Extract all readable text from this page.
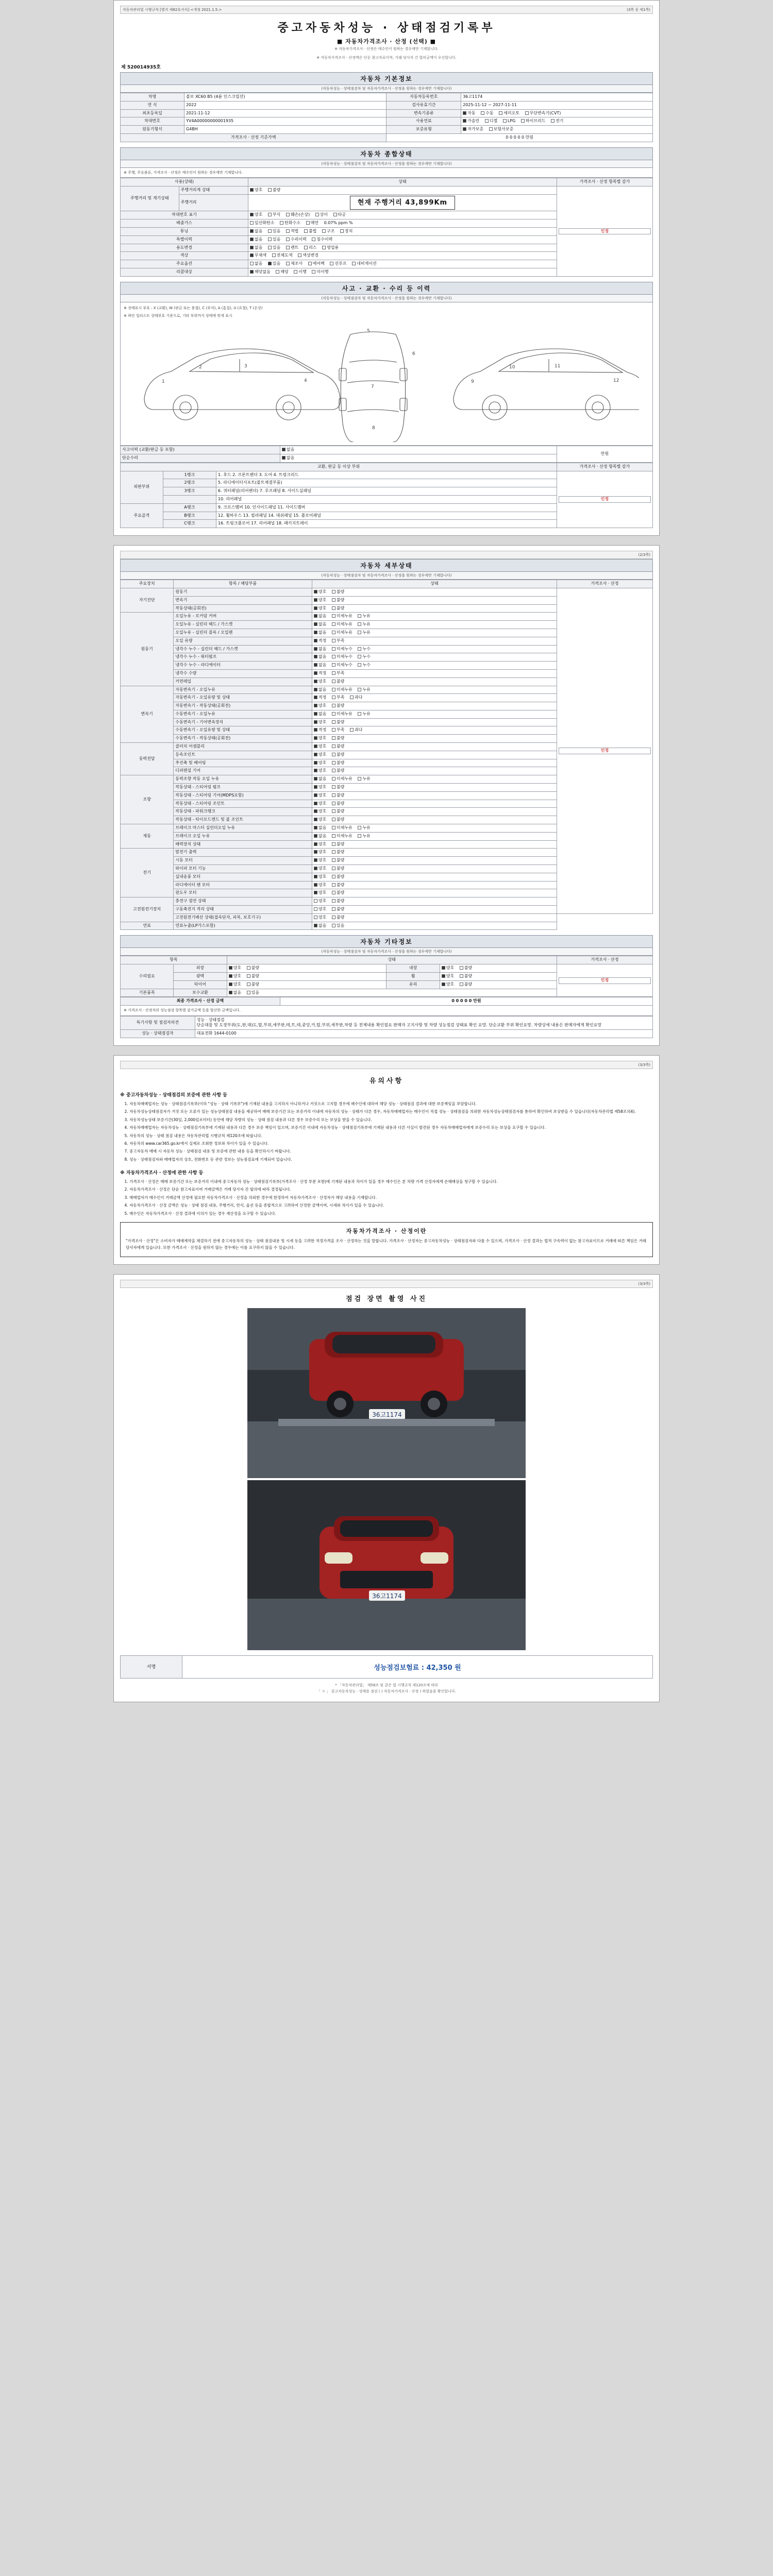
자동차관리법 시행규칙 [별지 제82호서식] <개정 2021.1.5.>	(3쪽 중 제1쪽)
중고자동차성능 · 상태점검기록부
■ 자동차가격조사 · 산정 (선택) ■
※ 자동차가격조사 · 산정은 매수인이 원하는 경우에만 기재합니다.
※ 자동차가격조사 · 산정액은 단순 참고자료이며, 거래 당사자 간 합의금액이 우선합니다.
제 520014935호
자동차 기본정보
(자동차성능 · 상태점검자 및 자동차가격조사 · 산정을 원하는 경우에만 기재합니다)
차명	볼보 XC60 B5 (4륜 인스크립션)	자동차등록번호	36고1174
연 식	2022	검사유효기간	2025-11-12 ~ 2027-11-11
최초등록일	2021-11-12	변속기종류	자동 수동 세미오토 무단변속기(CVT)
차대번호	YV4A00000000001935	사용연료	가솔린 디젤 LPG 하이브리드 전기
원동기형식	G4BH	보증유형	자가보증 보험사보증
가격조사 · 산정 기준가액		0 0 0 0 0 만원	
자동차 종합상태
(자동차성능 · 상태점검자 및 자동차가격조사 · 산정을 원하는 경우에만 기재합니다)
※ 주행, 주유출류, 가격조사 · 산정은 매수인이 원하는 경우에만 기재합니다.
사용(상태)		상태	가격조사 · 산정 항목별 감가
주행거리 및 계기상태	주행거리계 상태	양호 불량	인정

	주행거리	현재 주행거리 43,899Km	
차대번호 표기		양호 부식 훼손(손상) 상이 타공	
배출가스		일산화탄소 탄화수소 매연 0.07% ppm %	
튜닝		없음 있음 적법 불법 구조 장치	
특별이력		없음 있음 수리이력 침수이력	
용도변경		없음 있음 렌트 리스 영업용	
색상		무채색 전체도색 색상변경	
주요옵션		없음 있음 제조사 에어백 선루프 네비게이션	
리콜대상		해당없음 해당 이행 미이행	
사고 · 교환 · 수리 등 이력
(자동차성능 · 상태점검자 및 자동차가격조사 · 산정을 원하는 경우에만 기재합니다)
※ 상태표시 부호 : X (교환), W (판금 또는 용접), C (부식), A (흠집), U (요철), T (손상)
※ 하단 일러스트 상태부호 기준으로, 기타 부위까지 상태에 맞게 표시
1
2	3
4
5
6
7
8
9
10	11
12
사고이력 (교환/판금 등 포함)	없음	만원
단순수리	없음	
교환, 판금 등 이상 부위			가격조사 · 산정 항목별 감가
외판부위	1랭크	1. 후드 2. 프론트펜더 3. 도어 4. 트렁크리드	인정

	2랭크	5. 라디에이터서포트(볼트체결부품)	
	3랭크	6. 쿼터패널(리어펜더) 7. 루프패널 8. 사이드실패널	
		10. 리어패널	
주요골격	A랭크	9. 크로스멤버 10. 인사이드패널 11. 사이드멤버	
	B랭크	12. 휠하우스 13. 필라패널 14. 대쉬패널 15. 플로어패널	
	C랭크	16. 트렁크플로어 17. 리어패널 18. 패키지트레이	

(2/3쪽)
자동차 세부상태
(자동차성능 · 상태점검자 및 자동차가격조사 · 산정을 원하는 경우에만 기재합니다)
주요장치	항목 / 해당부품	상태	가격조사 · 산정
자기진단	원동기	양호 불량	인정

	변속기	양호 불량	
	작동상태(공회전)	양호 불량	
원동기	오일누유 - 로커암 커버	없음 미세누유 누유	
	오일누유 - 실린더 헤드 / 가스켓	없음 미세누유 누유	
	오일누유 - 실린더 블록 / 오일팬	없음 미세누유 누유	
	오일 유량	적정 부족	
	냉각수 누수 - 실린더 헤드 / 가스켓	없음 미세누수 누수	
	냉각수 누수 - 워터펌프	없음 미세누수 누수	
	냉각수 누수 - 라디에이터	없음 미세누수 누수	
	냉각수 수량	적정 부족	
	커먼레일	양호 불량	
변속기	자동변속기 - 오일누유	없음 미세누유 누유	
	자동변속기 - 오일유량 및 상태	적정 부족 과다	
	자동변속기 - 작동상태(공회전)	양호 불량	
	수동변속기 - 오일누유	없음 미세누유 누유	
	수동변속기 - 기어변속장치	양호 불량	
	수동변속기 - 오일유량 및 상태	적정 부족 과다	
	수동변속기 - 작동상태(공회전)	양호 불량	
동력전달	클러치 어셈블리	양호 불량	
	등속조인트	양호 불량	
	추진축 및 베어링	양호 불량	
	디퍼렌셜 기어	양호 불량	
조향	동력조향 작동 오일 누유	없음 미세누유 누유	
	작동상태 - 스티어링 펌프	양호 불량	
	작동상태 - 스티어링 기어(MDPS포함)	양호 불량	
	작동상태 - 스티어링 조인트	양호 불량	
	작동상태 - 파워크랭크	양호 불량	
	작동상태 - 타이로드엔드 및 볼 조인트	양호 불량	
제동	브레이크 마스터 실린더오일 누유	없음 미세누유 누유	
	브레이크 오일 누유	없음 미세누유 누유	
	배력장치 상태	양호 불량	
전기	발전기 출력	양호 불량	
	시동 모터	양호 불량	
	와이퍼 모터 기능	양호 불량	
	실내송풍 모터	양호 불량	
	라디에이터 팬 모터	양호 불량	
	윈도우 모터	양호 불량	
고전원전기장치	충전구 절연 상태	양호 불량	
	구동축전지 격리 상태	양호 불량	
	고전원전기배선 상태(접속단자, 피복, 보호기구)	양호 불량	
연료	연료누출(LP가스포함)	없음 있음	
자동차 기타정보
(자동차성능 · 상태점검자 및 자동차가격조사 · 산정을 원하는 경우에만 기재합니다)
항목		상태			가격조사 · 산정
수리필요	외장	양호 불량	내장	양호 불량	인정

	광택	양호 불량	휠	양호 불량	
	타이어	양호 불량	유리	양호 불량	
기본품목	보수교환	없음 있음			
최종 가격조사 · 산정 금액	0 0 0 0 0 만원
※ 가격조사 · 산정자의 성능점검 항목별 감가금액 등을 합산한 금액입니다.
특기사항 및 점검자의견	성능 · 상태점검
단순대물 및 도장부위(도,판,대)도,탑,부위,세부판,테,트,테,중앙,카,탑,부위,세부판,차량 등 전체내용 확인필요 판매자 고지사항 및 차량 성능점검 상태표 확인 요망. 단순교환 부위 확인요망. 차량상세 내용은 판매자에게 확인요망

성능 · 상태점검자	대표전화 1644-0100

(3/3쪽)
유의사항
※ 중고자동차성능 · 상태점검의 보증에 관한 사항 등
1. 자동차매매업자는 성능 · 상태점검기록부(이하 "성능 · 상태 기록부")에 기재된 내용을 고지하지 아니하거나 거짓으로 고지할 경우에 매수인에 대하여 해당 성능 · 상태점검 결과에 대한 보증책임을 부담합니다.
2. 자동차성능상태점검자가 거짓 또는 오류가 있는 성능상태점검 내용을 제공하여 매매 보증기간 또는 보증거리 이내에 자동차의 성능 · 상태가 다른 경우, 자동차매매업자는 매수인이 직접 성능 · 상태점검을 의뢰한 자동차성능상태점검자를 통하여 확인하여 보상받을 수 있습니다(자동차관리법 제58조의4).
3. 자동차성능상태 보증기간(30일, 2,000킬로미터) 동안에 해당 차량의 성능 · 상태 점검 내용과 다른 경우 보증수리 또는 보상을 받을 수 있습니다.
4. 자동차매매업자는 자동차성능 · 상태점검기록부에 기재된 내용과 다른 경우 보증 책임이 있으며, 보증기간 이내에 자동차성능 · 상태점검기록부에 기재된 내용과 다른 사실이 발견된 경우 자동차매매업자에게 보증수리 또는 보상을 요구할 수 있습니다.
5. 자동차의 성능 · 상태 점검 내용은 자동차관리법 시행규칙 제120조에 따릅니다.
6. 자동차의 www.car365.go.kr에서 실제로 조회한 정보와 차이가 있을 수 있습니다.
7. 중고자동차 매매 시 자동차 성능 · 상태점검 내용 및 보증에 관한 내용 등을 확인하시기 바랍니다.
8. 성능 · 상태점검자와 매매업자의 상호, 전화번호 등 관련 정보는 성능점검표에 기재되어 있습니다.
※ 자동차가격조사 · 산정에 관한 사항 등
1. 가격조사 · 산정은 매매 보증기간 또는 보증거리 이내에 중고자동차 성능 · 상태점검기록부(가격조사 · 산정 부분 포함)에 기재된 내용과 차이가 있을 경우 매수인은 본 차량 가격 산정자에게 손해배상을 청구할 수 있습니다.
2. 자동차가격조사 · 산정은 단순 참고자료이며 거래금액은 거래 당사자 간 합의에 따라 결정됩니다.
3. 매매업자가 매수인이 거래금액 산정에 필요한 자동차가격조사 · 산정을 의뢰한 경우에 한정하여 자동차가격조사 · 산정자가 해당 내용을 기재합니다.
4. 자동차가격조사 · 산정 금액은 성능 · 상태 점검 내용, 주행거리, 연식, 옵션 등을 종합적으로 고려하여 산정한 금액이며, 시세와 차이가 있을 수 있습니다.
5. 매수인은 자동차가격조사 · 산정 결과에 이의가 있는 경우 재산정을 요구할 수 있습니다.
자동차가격조사 · 산정이란

"가격조사 · 산정"은 소비자가 매매계약을 체결하기 전에 중고자동차의 성능 · 상태 점검내용 및 시세 등을 고려한 적정가격을 조사 · 산정하는 것을 말합니다. 가격조사 · 산정자는 중고자동차성능 · 상태점검자와 다를 수 있으며, 가격조사 · 산정 결과는 법적 구속력이 없는 참고자료이므로 거래에 따른 책임은 거래 당사자에게 있습니다. 또한 가격조사 · 산정을 원하지 않는 경우에는 이를 요구하지 않을 수 있습니다.

(3/3쪽)
점검 장면 촬영 사진
36고1174
36고1174
서명	성능점검보험료 : 42,350 원
* 「자동차관리법」 제58조 및 같은 법 시행규칙 제120조에 따라
「 ㅇ 」 중고자동차성능 · 상태를 점검 ( ) 자동차가격조사 · 산정 ) 하였음을 확인합니다.
